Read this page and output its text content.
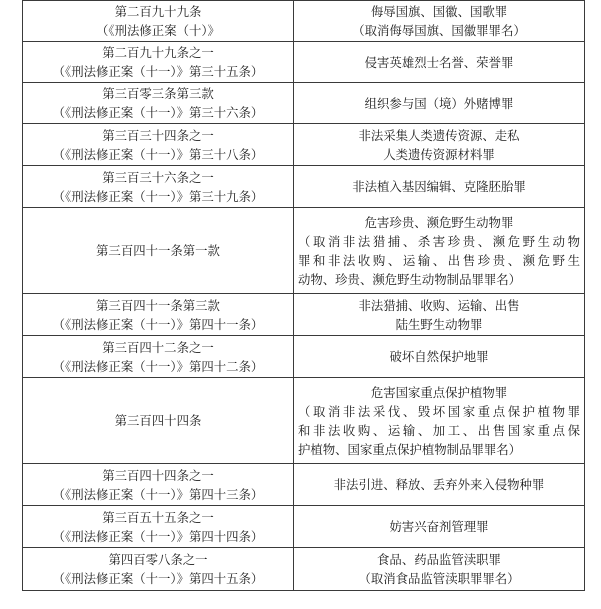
第二百九十九条
（《刑法修正案（十）》	侮辱国旗、国徽、国歌罪
（取消侮辱国旗、国徽罪罪名）

第二百九十九条之一
（《刑法修正案（十一）》第三十五条）	侵害英雄烈士名誉、荣誉罪

第三百零三条第三款
（《刑法修正案（十一）》第三十六条）	组织参与国（境）外赌博罪

第三百三十四条之一
（《刑法修正案（十一）》第三十八条）	非法采集人类遗传资源、走私
人类遗传资源材料罪

第三百三十六条之一
（《刑法修正案（十一）》第三十九条）	非法植入基因编辑、克隆胚胎罪

第三百四十一条第一款	危害珍贵、濒危野生动物罪
（取消非法猎捕、杀害珍贵、濒危野生动物
罪和非法收购、运输、出售珍贵、濒危野生
动物、珍贵、濒危野生动物制品罪罪名）

第三百四十一条第三款
（《刑法修正案（十一）》第四十一条）	非法猎捕、收购、运输、出售
陆生野生动物罪

第三百四十二条之一
（《刑法修正案（十一）》第四十二条）	破坏自然保护地罪

第三百四十四条	危害国家重点保护植物罪
（取消非法采伐、毁坏国家重点保护植物罪
和非法收购、运输、加工、出售国家重点保
护植物、国家重点保护植物制品罪罪名）

第三百四十四条之一
（《刑法修正案（十一）》第四十三条）	非法引进、释放、丢弃外来入侵物种罪

第三百五十五条之一
（《刑法修正案（十一）》第四十四条）	妨害兴奋剂管理罪

第四百零八条之一
（《刑法修正案（十一）》第四十五条）	食品、药品监管渎职罪
（取消食品监管渎职罪罪名）
